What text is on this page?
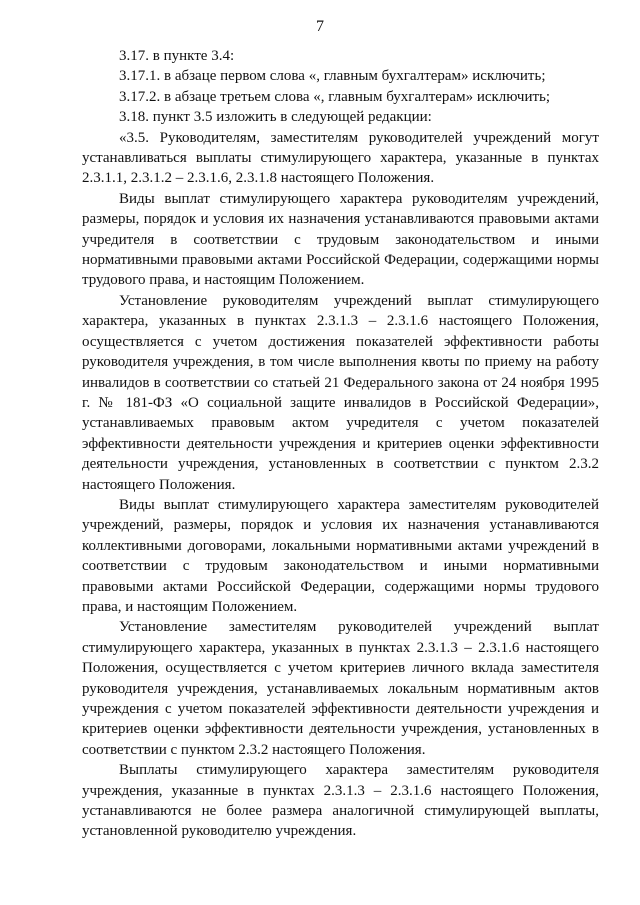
7

3.17. в пункте 3.4:

3.17.1. в абзаце первом слова «, главным бухгалтерам» исключить;

3.17.2. в абзаце третьем слова «, главным бухгалтерам» исключить;

3.18. пункт 3.5 изложить в следующей редакции:

«3.5. Руководителям, заместителям руководителей учреждений могут устанавливаться выплаты стимулирующего характера, указанные в пунктах 2.3.1.1, 2.3.1.2 – 2.3.1.6, 2.3.1.8 настоящего Положения.

Виды выплат стимулирующего характера руководителям учреждений, размеры, порядок и условия их назначения устанавливаются правовыми актами учредителя в соответствии с трудовым законодательством и иными нормативными правовыми актами Российской Федерации, содержащими нормы трудового права, и настоящим Положением.

Установление руководителям учреждений выплат стимулирующего характера, указанных в пунктах 2.3.1.3 – 2.3.1.6 настоящего Положения, осуществляется с учетом достижения показателей эффективности работы руководителя учреждения, в том числе выполнения квоты по приему на работу инвалидов в соответствии со статьей 21 Федерального закона от 24 ноября 1995 г. № 181-ФЗ «О социальной защите инвалидов в Российской Федерации», устанавливаемых правовым актом учредителя с учетом показателей эффективности деятельности учреждения и критериев оценки эффективности деятельности учреждения, установленных в соответствии с пунктом 2.3.2 настоящего Положения.

Виды выплат стимулирующего характера заместителям руководителей учреждений, размеры, порядок и условия их назначения устанавливаются коллективными договорами, локальными нормативными актами учреждений в соответствии с трудовым законодательством и иными нормативными правовыми актами Российской Федерации, содержащими нормы трудового права, и настоящим Положением.

Установление заместителям руководителей учреждений выплат стимулирующего характера, указанных в пунктах 2.3.1.3 – 2.3.1.6 настоящего Положения, осуществляется с учетом критериев личного вклада заместителя руководителя учреждения, устанавливаемых локальным нормативным актов учреждения с учетом показателей эффективности деятельности учреждения и критериев оценки эффективности деятельности учреждения, установленных в соответствии с пунктом 2.3.2 настоящего Положения.

Выплаты стимулирующего характера заместителям руководителя учреждения, указанные в пунктах 2.3.1.3 – 2.3.1.6 настоящего Положения, устанавливаются не более размера аналогичной стимулирующей выплаты, установленной руководителю учреждения.
